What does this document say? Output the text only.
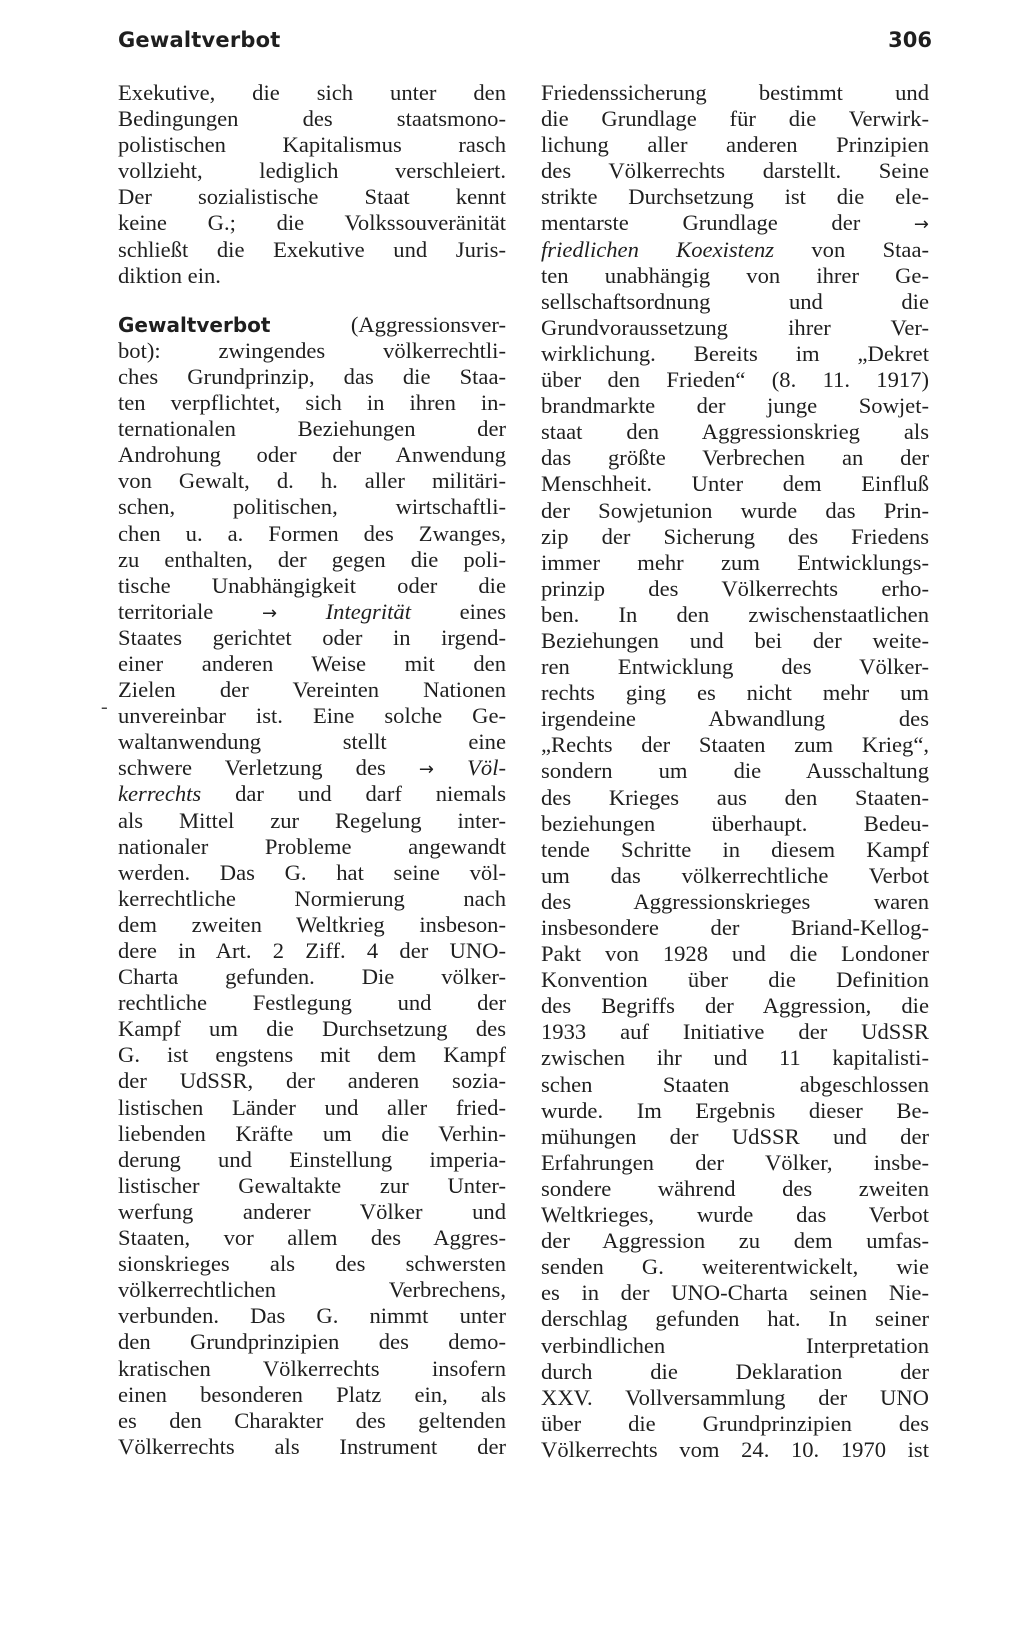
Gewaltverbot	306
-
Exekutive, die sich unter den
Bedingungen des staatsmono-
polistischen Kapitalismus rasch
vollzieht, lediglich verschleiert.
Der sozialistische Staat kennt
keine G.; die Volkssouveränität
schließt die Exekutive und Juris-
diktion ein.
Gewaltverbot	(Aggressionsver-
bot): zwingendes völkerrechtli-
ches Grundprinzip, das die Staa-
ten verpflichtet, sich in ihren in-
ternationalen Beziehungen der
Androhung oder der Anwendung
von Gewalt, d. h. aller militäri-
schen, politischen, wirtschaftli-
chen u. a. Formen des Zwanges,
zu enthalten, der gegen die poli-
tische Unabhängigkeit oder die
territoriale → Integrität eines
Staates gerichtet oder in irgend-
einer anderen Weise mit den
Zielen der Vereinten Nationen
unvereinbar ist. Eine solche Ge-
waltanwendung stellt eine
schwere Verletzung des → Völ-
kerrechts dar und darf niemals
als Mittel zur Regelung inter-
nationaler Probleme angewandt
werden. Das G. hat seine völ-
kerrechtliche Normierung nach
dem zweiten Weltkrieg insbeson-
dere in Art. 2 Ziff. 4 der UNO-
Charta gefunden. Die völker-
rechtliche Festlegung und der
Kampf um die Durchsetzung des
G. ist engstens mit dem Kampf
der UdSSR, der anderen sozia-
listischen Länder und aller fried-
liebenden Kräfte um die Verhin-
derung und Einstellung imperia-
listischer Gewaltakte zur Unter-
werfung anderer Völker und
Staaten, vor allem des Aggres-
sionskrieges als des schwersten
völkerrechtlichen Verbrechens,
verbunden. Das G. nimmt unter
den Grundprinzipien des demo-
kratischen Völkerrechts insofern
einen besonderen Platz ein, als
es den Charakter des geltenden
Völkerrechts als Instrument der
Friedenssicherung bestimmt und
die Grundlage für die Verwirk-
lichung aller anderen Prinzipien
des Völkerrechts darstellt. Seine
strikte Durchsetzung ist die ele-
mentarste Grundlage der →
friedlichen Koexistenz von Staa-
ten unabhängig von ihrer Ge-
sellschaftsordnung und die
Grundvoraussetzung ihrer Ver-
wirklichung. Bereits im „Dekret
über den Frieden“ (8. 11. 1917)
brandmarkte der junge Sowjet-
staat den Aggressionskrieg als
das größte Verbrechen an der
Menschheit. Unter dem Einfluß
der Sowjetunion wurde das Prin-
zip der Sicherung des Friedens
immer mehr zum Entwicklungs-
prinzip des Völkerrechts erho-
ben. In den zwischenstaatlichen
Beziehungen und bei der weite-
ren Entwicklung des Völker-
rechts ging es nicht mehr um
irgendeine Abwandlung des
„Rechts der Staaten zum Krieg“,
sondern um die Ausschaltung
des Krieges aus den Staaten-
beziehungen überhaupt. Bedeu-
tende Schritte in diesem Kampf
um das völkerrechtliche Verbot
des Aggressionskrieges waren
insbesondere der Briand-Kellog-
Pakt von 1928 und die Londoner
Konvention über die Definition
des Begriffs der Aggression, die
1933 auf Initiative der UdSSR
zwischen ihr und 11 kapitalisti-
schen Staaten abgeschlossen
wurde. Im Ergebnis dieser Be-
mühungen der UdSSR und der
Erfahrungen der Völker, insbe-
sondere während des zweiten
Weltkrieges, wurde das Verbot
der Aggression zu dem umfas-
senden G. weiterentwickelt, wie
es in der UNO-Charta seinen Nie-
derschlag gefunden hat. In seiner
verbindlichen Interpretation
durch die Deklaration der
XXV. Vollversammlung der UNO
über die Grundprinzipien des
Völkerrechts vom 24. 10. 1970 ist
